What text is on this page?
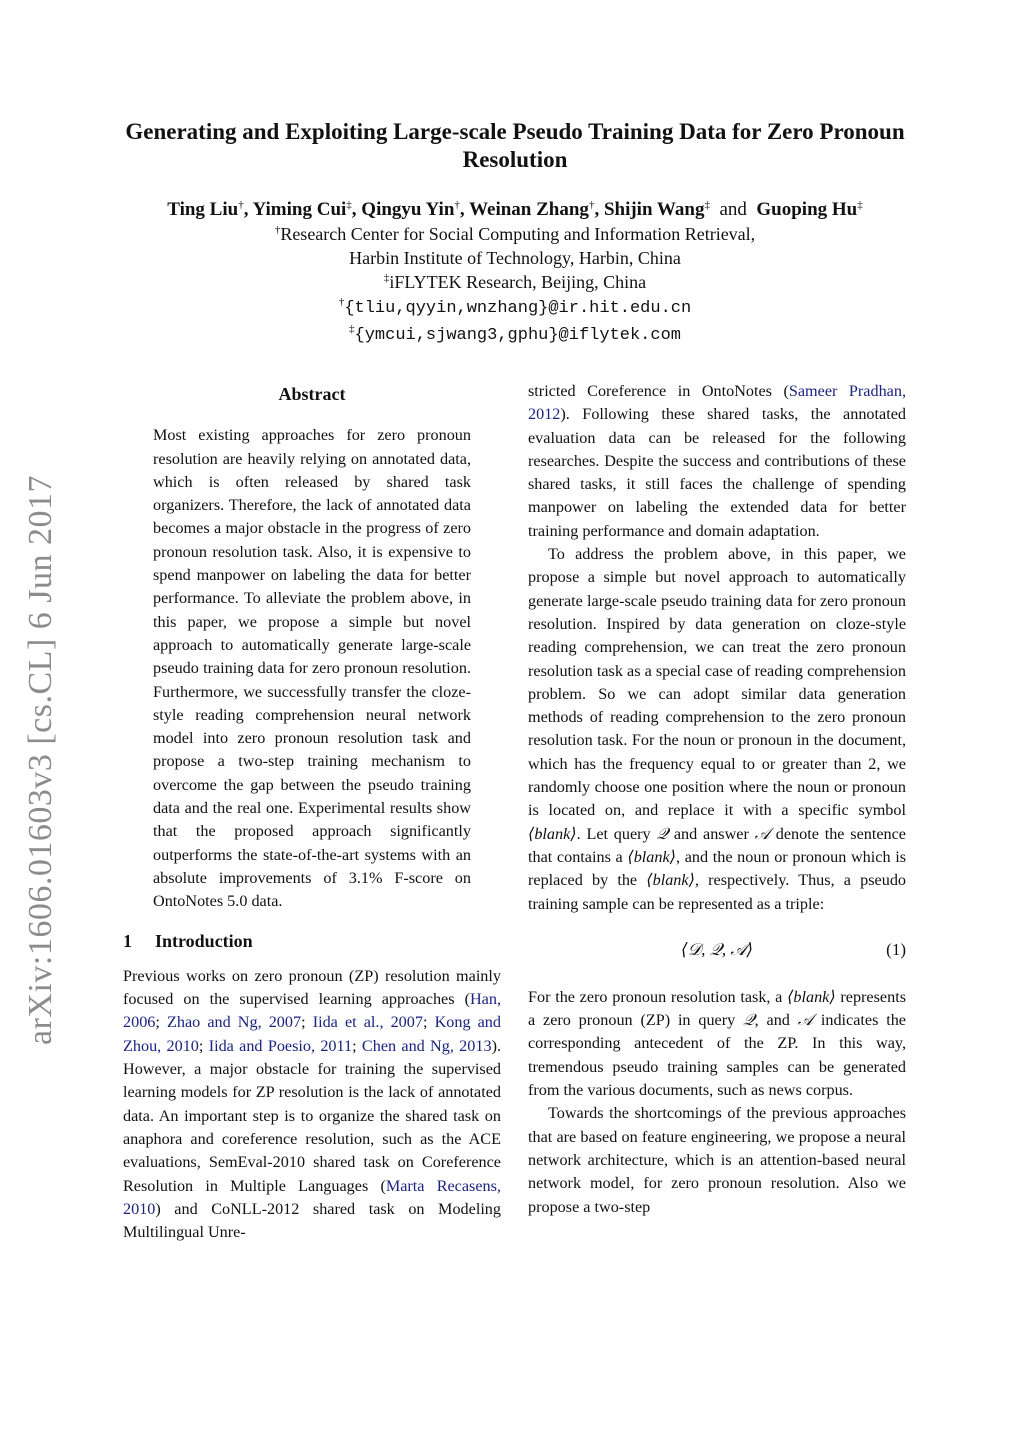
arXiv:1606.01603v3 [cs.CL] 6 Jun 2017
Generating and Exploiting Large-scale Pseudo Training Data for Zero Pronoun Resolution
Ting Liu†, Yiming Cui‡, Qingyu Yin†, Weinan Zhang†, Shijin Wang‡ and Guoping Hu‡
†Research Center for Social Computing and Information Retrieval,
Harbin Institute of Technology, Harbin, China
‡iFLYTEK Research, Beijing, China
†{tliu,qyyin,wnzhang}@ir.hit.edu.cn
‡{ymcui,sjwang3,gphu}@iflytek.com
Abstract

Most existing approaches for zero pronoun resolution are heavily relying on annotated data, which is often released by shared task organizers. Therefore, the lack of annotated data becomes a major obstacle in the progress of zero pronoun resolution task. Also, it is expensive to spend manpower on labeling the data for better performance. To alleviate the problem above, in this paper, we propose a simple but novel approach to automatically generate large-scale pseudo training data for zero pronoun resolution. Furthermore, we successfully transfer the cloze-style reading comprehension neural network model into zero pronoun resolution task and propose a two-step training mechanism to overcome the gap between the pseudo training data and the real one. Experimental results show that the proposed approach significantly outperforms the state-of-the-art systems with an absolute improvements of 3.1% F-score on OntoNotes 5.0 data.

1 Introduction

Previous works on zero pronoun (ZP) resolution mainly focused on the supervised learning approaches (Han, 2006; Zhao and Ng, 2007; Iida et al., 2007; Kong and Zhou, 2010; Iida and Poesio, 2011; Chen and Ng, 2013). However, a major obstacle for training the supervised learning models for ZP resolution is the lack of annotated data. An important step is to organize the shared task on anaphora and coreference resolution, such as the ACE evaluations, SemEval-2010 shared task on Coreference Resolution in Multiple Languages (Marta Recasens, 2010) and CoNLL-2012 shared task on Modeling Multilingual Unre-

stricted Coreference in OntoNotes (Sameer Pradhan, 2012). Following these shared tasks, the annotated evaluation data can be released for the following researches. Despite the success and contributions of these shared tasks, it still faces the challenge of spending manpower on labeling the extended data for better training performance and domain adaptation.

To address the problem above, in this paper, we propose a simple but novel approach to automatically generate large-scale pseudo training data for zero pronoun resolution. Inspired by data generation on cloze-style reading comprehension, we can treat the zero pronoun resolution task as a special case of reading comprehension problem. So we can adopt similar data generation methods of reading comprehension to the zero pronoun resolution task. For the noun or pronoun in the document, which has the frequency equal to or greater than 2, we randomly choose one position where the noun or pronoun is located on, and replace it with a specific symbol ⟨blank⟩. Let query 𝒬 and answer 𝒜 denote the sentence that contains a ⟨blank⟩, and the noun or pronoun which is replaced by the ⟨blank⟩, respectively. Thus, a pseudo training sample can be represented as a triple:

⟨𝒟, 𝒬, 𝒜⟩	(1)

For the zero pronoun resolution task, a ⟨blank⟩ represents a zero pronoun (ZP) in query 𝒬, and 𝒜 indicates the corresponding antecedent of the ZP. In this way, tremendous pseudo training samples can be generated from the various documents, such as news corpus.

Towards the shortcomings of the previous approaches that are based on feature engineering, we propose a neural network architecture, which is an attention-based neural network model, for zero pronoun resolution. Also we propose a two-step
